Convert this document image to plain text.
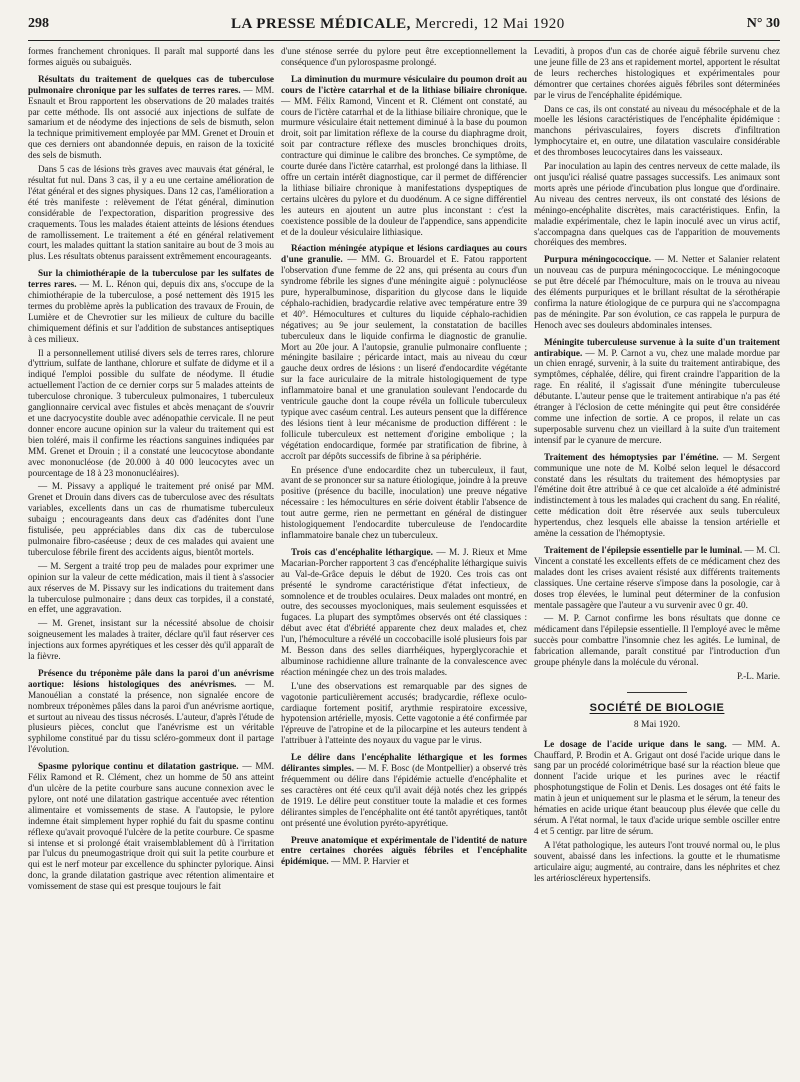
298	LA PRESSE MÉDICALE, Mercredi, 12 Mai 1920	N° 30

formes franchement chroniques. Il paraît mal supporté dans les formes aiguës ou subaiguës.

Résultats du traitement de quelques cas de tuberculose pulmonaire chronique par les sulfates de terres rares. — MM. Esnault et Brou rapportent les observations de 20 malades traités par cette méthode. Ils ont associé aux injections de sulfate de samarium et de néodyme des injections de sels de bismuth, selon la technique primitivement employée par MM. Grenet et Drouin et que ces derniers ont abandonnée depuis, en raison de la toxicité des sels de bismuth.

Dans 5 cas de lésions très graves avec mauvais état général, le résultat fut nul. Dans 3 cas, il y a eu une certaine amélioration de l'état général et des signes physiques. Dans 12 cas, l'amélioration a été très manifeste : relèvement de l'état général, diminution considérable de l'expectoration, disparition progressive des craquements. Tous les malades étaient atteints de lésions étendues de ramollissement. Le traitement a été en général relativement court, les malades quittant la station sanitaire au bout de 3 mois au plus. Les résultats obtenus paraissent extrêmement encourageants.

Sur la chimiothérapie de la tuberculose par les sulfates de terres rares. — M. L. Rénon qui, depuis dix ans, s'occupe de la chimiothérapie de la tuberculose, a posé nettement dès 1915 les termes du problème après la publication des travaux de Frouin, de Lumière et de Chevrotier sur les milieux de culture du bacille chimiquement définis et sur l'addition de substances antiseptiques à ces milieux.

Il a personnellement utilisé divers sels de terres rares, chlorure d'yttrium, sulfate de lanthane, chlorure et sulfate de didyme et il a indiqué l'emploi possible du sulfate de néodyme. Il étudie actuellement l'action de ce dernier corps sur 5 malades atteints de tuberculose chronique. 3 tuberculeux pulmonaires, 1 tuberculeux ganglionnaire cervical avec fistules et abcès menaçant de s'ouvrir et une dacryocystite double avec adénopathie cervicale. Il ne peut donner encore aucune opinion sur la valeur du traitement qui est bien toléré, mais il confirme les réactions sanguines indiquées par MM. Grenet et Drouin ; il a constaté une leucocytose abondante avec mononucléose (de 20.000 à 40 000 leucocytes avec un pourcentage de 18 à 23 mononucléaires).

— M. Pissavy a appliqué le traitement pré onisé par MM. Grenet et Drouin dans divers cas de tuberculose avec des résultats variables, excellents dans un cas de rhumatisme tuberculeux subaigu ; encourageants dans deux cas d'adénites dont l'une fistulisée, peu appréciables dans dix cas de tuberculose pulmonaire fibro-caséeuse ; deux de ces malades qui avaient une tuberculose fébrile firent des accidents aigus, bientôt mortels.

— M. Sergent a traité trop peu de malades pour exprimer une opinion sur la valeur de cette médication, mais il tient à s'associer aux réserves de M. Pissavy sur les indications du traitement dans la tuberculose pulmonaire ; dans deux cas torpides, il a constaté, en effet, une aggravation.

— M. Grenet, insistant sur la nécessité absolue de choisir soigneusement les malades à traiter, déclare qu'il faut réserver ces injections aux formes apyrétiques et les cesser dès qu'il apparaît de la fièvre.

Présence du tréponème pâle dans la paroi d'un anévrisme aortique: lésions histologiques des anévrismes. — M. Manouélian a constaté la présence, non signalée encore de nombreux tréponèmes pâles dans la paroi d'un anévrisme aortique, et surtout au niveau des tissus nécrosés. L'auteur, d'après l'étude de plusieurs pièces, conclut que l'anévrisme est un véritable syphilome constitué par du tissu scléro-gommeux dont il partage l'évolution.

Spasme pylorique continu et dilatation gastrique. — MM. Félix Ramond et R. Clément, chez un homme de 50 ans atteint d'un ulcère de la petite courbure sans aucune connexion avec le pylore, ont noté une dilatation gastrique accentuée avec rétention alimentaire et vomissements de stase. A l'autopsie, le pylore indemne était simplement hyper rophié du fait du spasme continu réflexe qu'avait provoqué l'ulcère de la petite courbure. Ce spasme si intense et si prolongé était vraisemblablement dû à l'irritation par l'ulcus du pneumogastrique droit qui suit la petite courbure et qui est le nerf moteur par excellence du sphincter pylorique. Ainsi donc, la grande dilatation gastrique avec rétention alimentaire et vomissement de stase qui est presque toujours le fait

d'une sténose serrée du pylore peut être exceptionnellement la conséquence d'un pylorospasme prolongé.

La diminution du murmure vésiculaire du poumon droit au cours de l'ictère catarrhal et de la lithiase biliaire chronique. — MM. Félix Ramond, Vincent et R. Clément ont constaté, au cours de l'ictère catarrhal et de la lithiase biliaire chronique, que le murmure vésiculaire était nettement diminué à la base du poumon droit, soit par limitation réflexe de la course du diaphragme droit, soit par contracture réflexe des muscles bronchiques droits, contracture qui diminue le calibre des bronches. Ce symptôme, de courte durée dans l'ictère catarrhal, est prolongé dans la lithiase. Il offre un certain intérêt diagnostique, car il permet de différencier la lithiase biliaire chronique à manifestations dyspeptiques de certains ulcères du pylore et du duodénum. A ce signe différentiel les auteurs en ajoutent un autre plus inconstant : c'est la coexistence possible de la douleur de l'appendice, sans appendicite et de la douleur vésiculaire lithiasique.

Réaction méningée atypique et lésions cardiaques au cours d'une granulie. — MM. G. Brouardel et E. Fatou rapportent l'observation d'une femme de 22 ans, qui présenta au cours d'un syndrome fébrile les signes d'une méningite aiguë : polynucléose pure, hyperalbuminose, disparition du glycose dans le liquide céphalo-rachidien, bradycardie relative avec température entre 39 et 40°. Hémocultures et cultures du liquide céphalo-rachidien négatives; au 9e jour seulement, la constatation de bacilles tuberculeux dans le liquide confirma le diagnostic de granulie. Mort au 20e jour. A l'autopsie, granulie pulmonaire confluente ; méningite basilaire ; péricarde intact, mais au niveau du cœur gauche deux ordres de lésions : un liseré d'endocardite végétante sur la face auriculaire de la mitrale histologiquement de type inflammatoire banal et une granulation soulevant l'endocarde du ventricule gauche dont la coupe révéla un follicule tuberculeux typique avec caséum central. Les auteurs pensent que la différence des lésions tient à leur mécanisme de production différent : le follicule tuberculeux est nettement d'origine embolique ; la végétation endocardique, formée par stratification de fibrine, à accroît par dépôts successifs de fibrine à sa périphérie.

En présence d'une endocardite chez un tuberculeux, il faut, avant de se prononcer sur sa nature étiologique, joindre à la preuve positive (présence du bacille, inoculation) une preuve négative nécessaire : les hémocultures en série doivent établir l'absence de tout autre germe, rien ne permettant en général de distinguer histologiquement l'endocardite tuberculeuse de l'endocardite inflammatoire banale chez un tuberculeux.

Trois cas d'encéphalite léthargique. — M. J. Rieux et Mme Macarian-Porcher rapportent 3 cas d'encéphalite léthargique suivis au Val-de-Grâce depuis le début de 1920. Ces trois cas ont présenté le syndrome caractéristique d'état infectieux, de somnolence et de troubles oculaires. Deux malades ont montré, en outre, des secousses myocloniques, mais seulement esquissées et fugaces. La plupart des symptômes observés ont été classiques : début avec état d'ébriété apparente chez deux malades et, chez l'un, l'hémoculture a révélé un coccobacille isolé plusieurs fois par M. Besson dans des selles diarrhéiques, hyperglycorachie et albuminose rachidienne allure traînante de la convalescence avec réaction méningée chez un des trois malades.

L'une des observations est remarquable par des signes de vagotonie particulièrement accusés; bradycardie, réflexe oculo-cardiaque fortement positif, arythmie respiratoire excessive, hypotension artérielle, myosis. Cette vagotonie a été confirmée par l'épreuve de l'atropine et de la pilocarpine et les auteurs tendent à l'attribuer à l'atteinte des noyaux du vague par le virus.

Le délire dans l'encéphalite léthargique et les formes délirantes simples. — M. F. Bosc (de Montpellier) a observé très fréquemment ou délire dans l'épidémie actuelle d'encéphalite et ses caractères ont été ceux qu'il avait déjà notés chez les grippés de 1919. Le délire peut constituer toute la maladie et ces formes délirantes simples de l'encéphalite ont été tantôt apyrétiques, tantôt ont présenté une évolution pyréto-apyrétique.

Preuve anatomique et expérimentale de l'identité de nature entre certaines chorées aiguës fébriles et l'encéphalite épidémique. — MM. P. Harvier et

Levaditi, à propos d'un cas de chorée aiguë fébrile survenu chez une jeune fille de 23 ans et rapidement mortel, apportent le résultat de leurs recherches histologiques et expérimentales pour démontrer que certaines chorées aiguës fébriles sont déterminées par le virus de l'encéphalite épidémique.

Dans ce cas, ils ont constaté au niveau du mésocéphale et de la moelle les lésions caractéristiques de l'encéphalite épidémique : manchons périvasculaires, foyers discrets d'infiltration lymphocytaire et, en outre, une dilatation vasculaire considérable et des thromboses leucocytaires dans les vaisseaux.

Par inoculation au lapin des centres nerveux de cette malade, ils ont jusqu'ici réalisé quatre passages successifs. Les animaux sont morts après une période d'incubation plus longue que d'ordinaire. Au niveau des centres nerveux, ils ont constaté des lésions de méningo-encéphalite discrètes, mais caractéristiques. Enfin, la maladie expérimentale, chez le lapin inoculé avec un virus actif, s'accompagna dans quelques cas de l'apparition de mouvements choréiques des membres.

Purpura méningococcique. — M. Netter et Salanier relatent un nouveau cas de purpura méningococcique. Le méningocoque se put être décelé par l'hémoculture, mais on le trouva au niveau des éléments purpuriques et le brillant résultat de la sérothérapie confirma la nature étiologique de ce purpura qui ne s'accompagna pas de méningite. Par son évolution, ce cas rappela le purpura de Henoch avec ses douleurs abdominales intenses.

Méningite tuberculeuse survenue à la suite d'un traitement antirabique. — M. P. Carnot a vu, chez une malade mordue par un chien enragé, survenir, à la suite du traitement antirabique, des symptômes, céphalée, délire, qui firent craindre l'apparition de la rage. En réalité, il s'agissait d'une méningite tuberculeuse débutante. L'auteur pense que le traitement antirabique n'a pas été étranger à l'éclosion de cette méningite qui peut être considérée comme une infection de sortie. A ce propos, il relate un cas superposable survenu chez un vieillard à la suite d'un traitement intensif par le cyanure de mercure.

Traitement des hémoptysies par l'émétine. — M. Sergent communique une note de M. Kolbé selon lequel le désaccord constaté dans les résultats du traitement des hémoptysies par l'émétine doit être attribué à ce que cet alcaloïde a été administré indistinctement à tous les malades qui crachent du sang. En réalité, cette médication doit être réservée aux seuls tuberculeux hypertendus, chez lesquels elle abaisse la tension artérielle et amène la cessation de l'hémoptysie.

Traitement de l'épilepsie essentielle par le luminal. — M. Cl. Vincent a constaté les excellents effets de ce médicament chez des malades dont les crises avaient résisté aux différents traitements classiques. Une certaine réserve s'impose dans la posologie, car à doses trop élevées, le luminal peut déterminer de la confusion mentale passagère que l'auteur a vu survenir avec 0 gr. 40.

— M. P. Carnot confirme les bons résultats que donne ce médicament dans l'épilepsie essentielle. Il l'employé avec le même succès pour combattre l'insomnie chez les agités. Le luminal, de fabrication allemande, paraît constitué par l'introduction d'un groupe phényle dans la molécule du véronal.

P.-L. Marie.

SOCIÉTÉ DE BIOLOGIE
8 Mai 1920.

Le dosage de l'acide urique dans le sang. — MM. A. Chauffard, P. Brodin et A. Grigaut ont dosé l'acide urique dans le sang par un procédé colorimétrique basé sur la réaction bleue que donnent l'acide urique et les purines avec le réactif phosphotungstique de Folin et Denis. Les dosages ont été faits le matin à jeun et uniquement sur le plasma et le sérum, la teneur des hématies en acide urique étant beaucoup plus élevée que celle du sérum. A l'état normal, le taux d'acide urique semble osciller entre 4 et 5 centigr. par litre de sérum.

A l'état pathologique, les auteurs l'ont trouvé normal ou, le plus souvent, abaissé dans les infections. la goutte et le rhumatisme articulaire aigu; augmenté, au contraire, dans les néphrites et chez les artérioscléreux hypertensifs.
